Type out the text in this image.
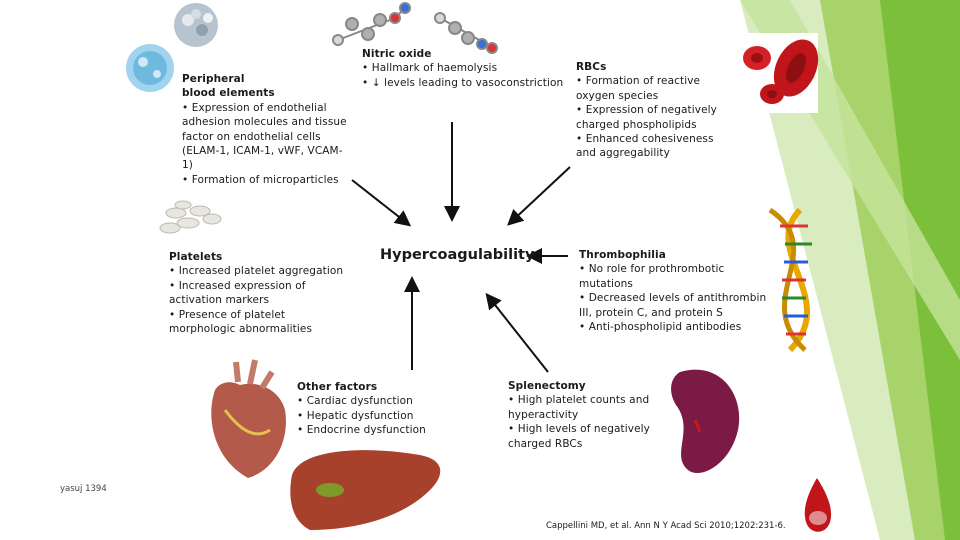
Peripheral
blood elements
• Expression of endothelial
adhesion molecules and tissue
factor on endothelial cells
(ELAM-1, ICAM-1, vWF, VCAM-
1)
• Formation of microparticles
Nitric oxide
• Hallmark of haemolysis
• ↓ levels leading to vasoconstriction
RBCs
• Formation of reactive
oxygen species
• Expression of negatively
charged phospholipids
• Enhanced cohesiveness
and aggregability
Platelets
• Increased platelet aggregation
• Increased expression of
activation markers
• Presence of platelet
morphologic abnormalities
Hypercoagulability	Thrombophilia
• No role for prothrombotic
mutations
• Decreased levels of antithrombin
III, protein C, and protein S
• Anti-phospholipid antibodies
Other factors
• Cardiac dysfunction
• Hepatic dysfunction
• Endocrine dysfunction
Splenectomy
• High platelet counts and
hyperactivity
• High levels of negatively
charged RBCs
Cappellini MD, et al. Ann N Y Acad Sci 2010;1202:231-6.
yasuj 1394
